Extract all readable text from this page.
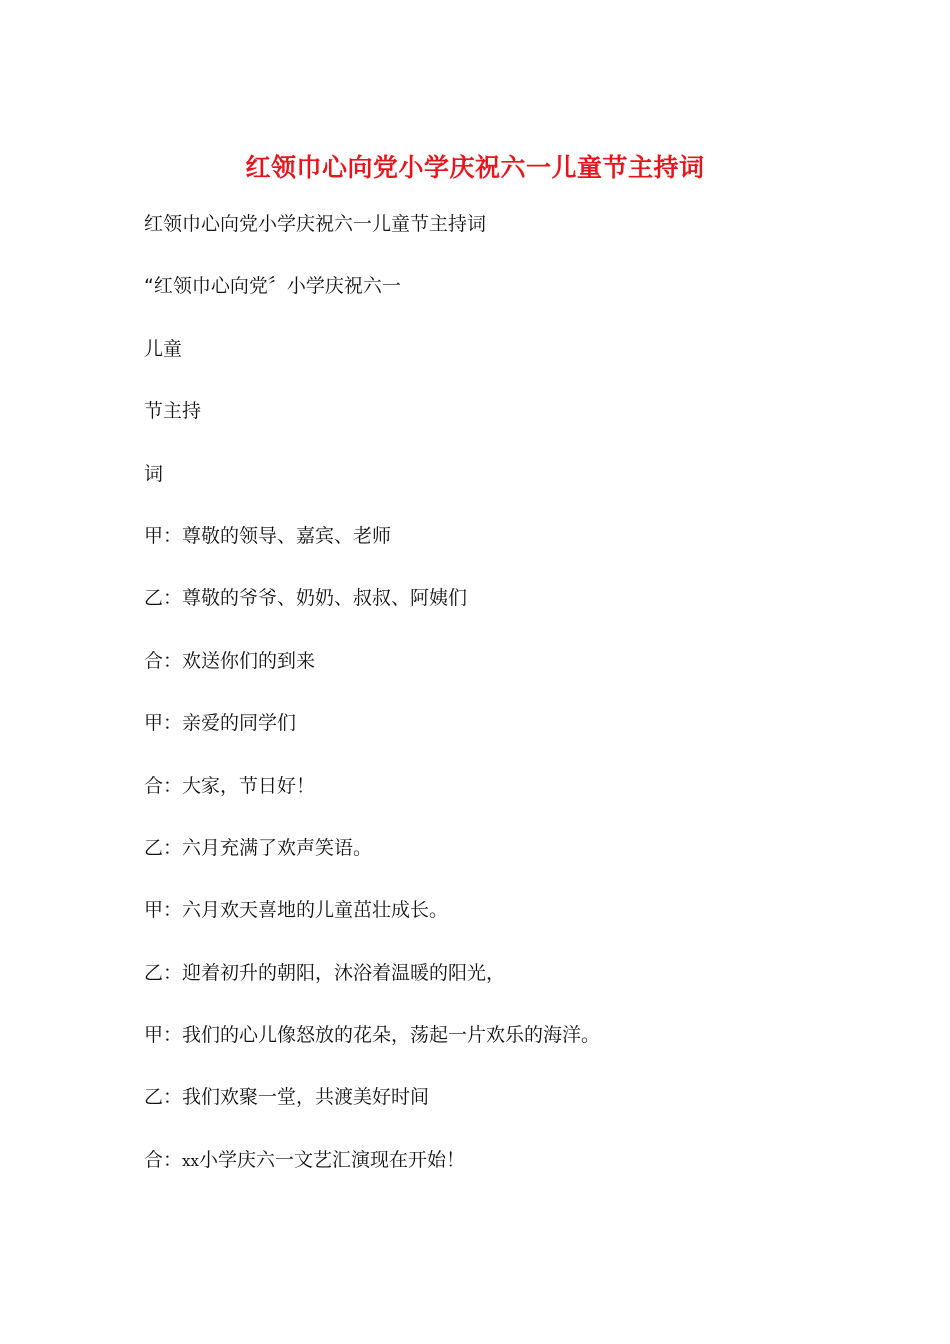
红领巾心向党小学庆祝六一儿童节主持词
红领巾心向党小学庆祝六一儿童节主持词
“红领巾心向党〞小学庆祝六一
儿童
节主持
词
甲：尊敬的领导、嘉宾、老师
乙：尊敬的爷爷、奶奶、叔叔、阿姨们
合：欢送你们的到来
甲：亲爱的同学们
合：大家，节日好！
乙：六月充满了欢声笑语。
甲：六月欢天喜地的儿童茁壮成长。
乙：迎着初升的朝阳，沐浴着温暖的阳光，
甲：我们的心儿像怒放的花朵，荡起一片欢乐的海洋。
乙：我们欢聚一堂，共渡美好时间
合：xx小学庆六一文艺汇演现在开始！
